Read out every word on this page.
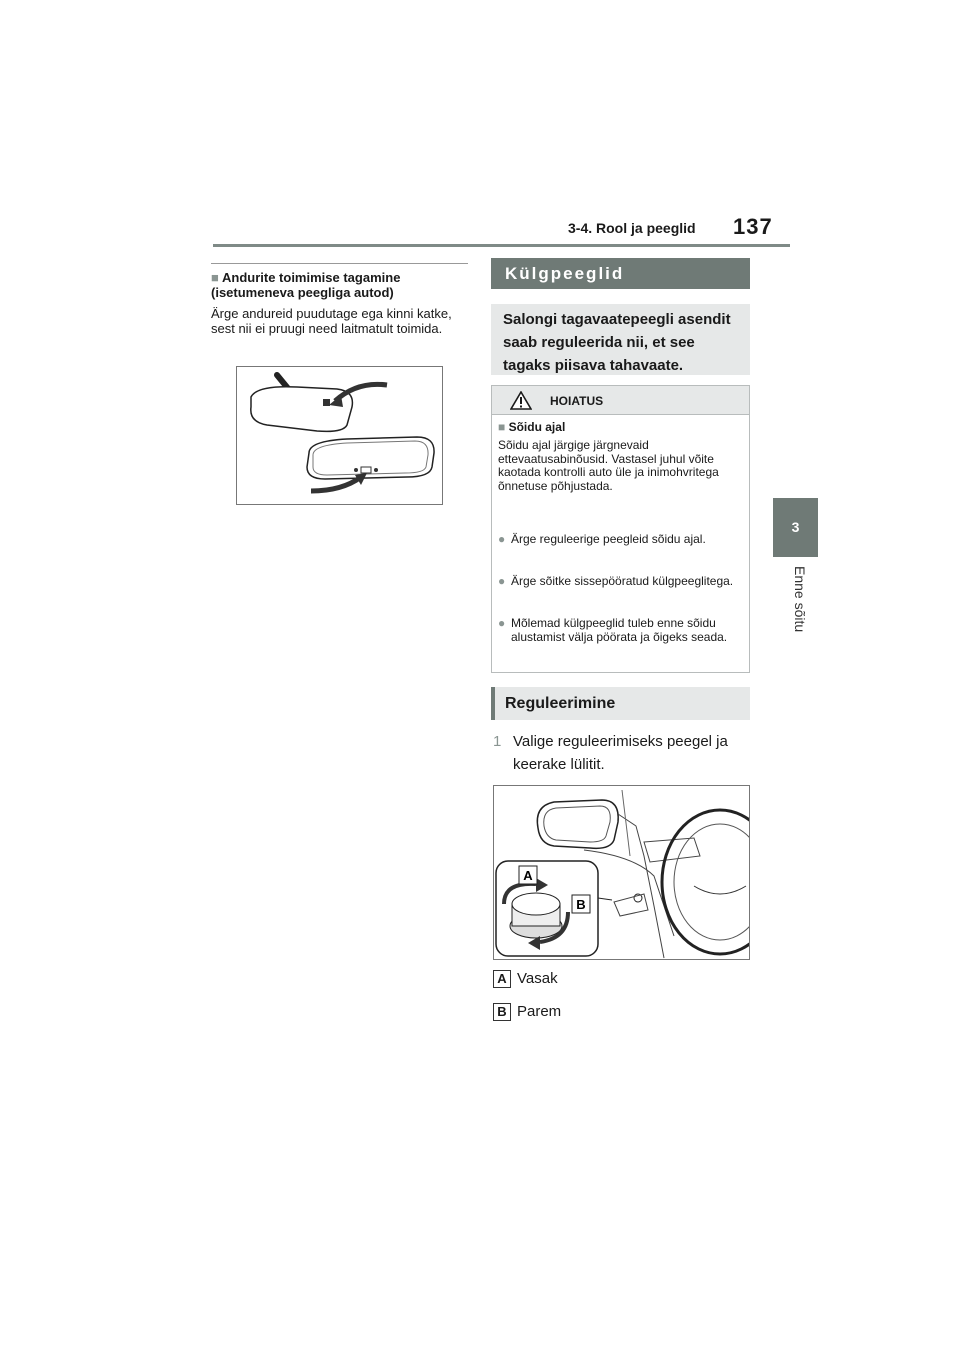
3-4. Rool ja peeglid 137
3
Enne sõitu
■ Andurite toimimise tagamine (isetumeneva peegliga autod)
Ärge andureid puudutage ega kinni katke, sest nii ei pruugi need laitmatult toimida.
Külgpeeglid
Salongi tagavaatepeegli asendit saab reguleerida nii, et see tagaks piisava tahavaate.
HOIATUS
■ Sõidu ajal
Sõidu ajal järgige järgnevaid ettevaatusabinõusid. Vastasel juhul võite kaotada kontrolli auto üle ja inimohvritega õnnetuse põhjustada.
● Ärge reguleerige peegleid sõidu ajal.
● Ärge sõitke sissepööratud külgpeeglitega.
● Mõlemad külgpeeglid tuleb enne sõidu alustamist välja pöörata ja õigeks seada.
Reguleerimine
1 Valige reguleerimiseks peegel ja keerake lülitit.
A
B
A Vasak
B Parem
